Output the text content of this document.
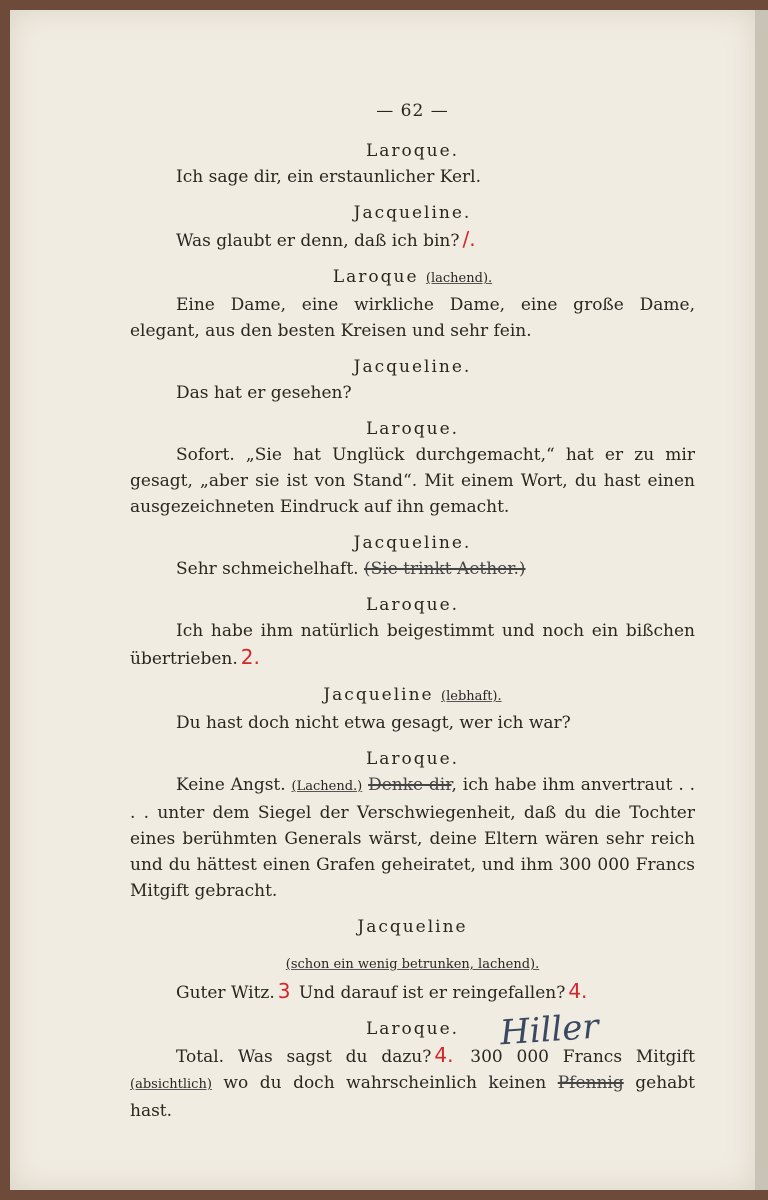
— 62 —
Laroque.
Ich sage dir, ein erstaunlicher Kerl.
Jacqueline.
Was glaubt er denn, daß ich bin? /.
Laroque (lachend).
Eine Dame, eine wirkliche Dame, eine große Dame, elegant, aus den besten Kreisen und sehr fein.
Jacqueline.
Das hat er gesehen?
Laroque.
Sofort. „Sie hat Unglück durchgemacht,“ hat er zu mir gesagt, „aber sie ist von Stand“. Mit einem Wort, du hast einen ausgezeichneten Eindruck auf ihn gemacht.
Jacqueline.
Sehr schmeichelhaft. (Sie trinkt Aether.)
Laroque.
Ich habe ihm natürlich beigestimmt und noch ein bißchen übertrieben. 2.
Jacqueline (lebhaft).
Du hast doch nicht etwa gesagt, wer ich war?
Laroque.
Keine Angst. (Lachend.) Denke dir, ich habe ihm anvertraut . . . . unter dem Siegel der Verschwiegenheit, daß du die Tochter eines berühmten Generals wärst, deine Eltern wären sehr reich und du hättest einen Grafen geheiratet, und ihm 300 000 Francs Mitgift gebracht.
Jacqueline
(schon ein wenig betrunken, lachend).
Guter Witz. 3 Und darauf ist er reingefallen? 4.
Laroque.
Total. Was sagst du dazu? 4. 300 000 Francs Mitgift (absichtlich) wo du doch wahrscheinlich keinen Pfennig gehabt hast.
Hiller
